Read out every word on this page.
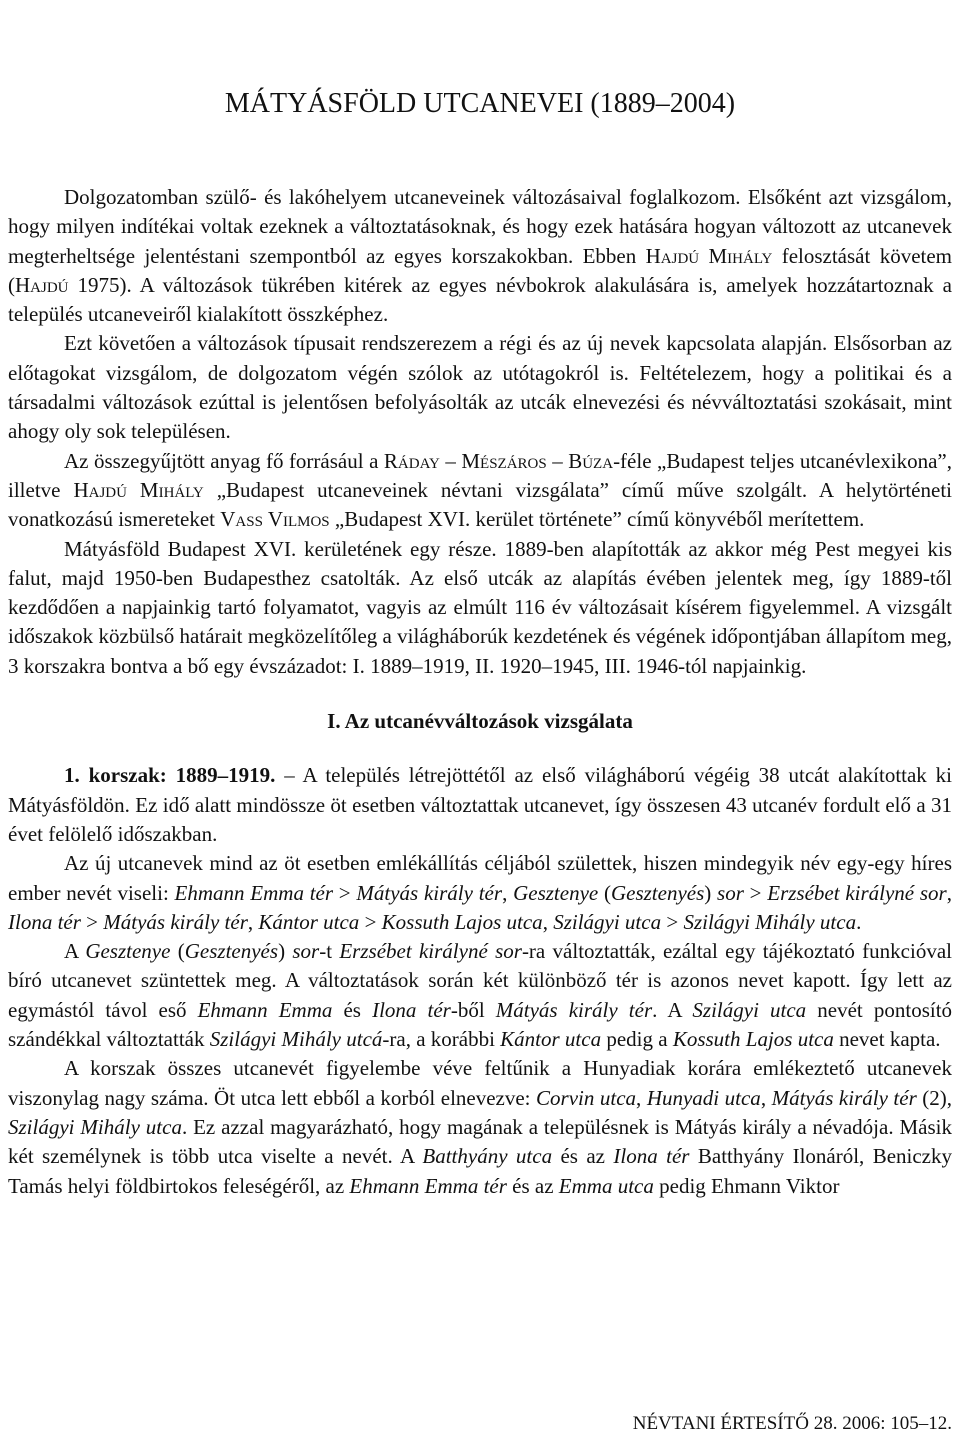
MÁTYÁSFÖLD UTCANEVEI (1889–2004)

Dolgozatomban szülő- és lakóhelyem utcaneveinek változásaival foglalkozom. Elsőként azt vizsgálom, hogy milyen indítékai voltak ezeknek a változtatásoknak, és hogy ezek hatására hogyan változott az utcanevek megterheltsége jelentéstani szempontból az egyes korszakokban. Ebben Hajdú Mihály felosztását követem (Hajdú 1975). A változások tükrében kitérek az egyes névbokrok alakulására is, amelyek hozzátartoznak a település utcaneveiről kialakított összképhez.

Ezt követően a változások típusait rendszerezem a régi és az új nevek kapcsolata alapján. Elsősorban az előtagokat vizsgálom, de dolgozatom végén szólok az utótagokról is. Feltételezem, hogy a politikai és a társadalmi változások ezúttal is jelentősen befolyásolták az utcák elnevezési és névváltoztatási szokásait, mint ahogy oly sok településen.

Az összegyűjtött anyag fő forrásául a Ráday – Mészáros – Búza-féle „Budapest teljes utcanévlexikona”, illetve Hajdú Mihály „Budapest utcaneveinek névtani vizsgálata” című műve szolgált. A helytörténeti vonatkozású ismereteket Vass Vilmos „Budapest XVI. kerület története” című könyvéből merítettem.

Mátyásföld Budapest XVI. kerületének egy része. 1889-ben alapították az akkor még Pest megyei kis falut, majd 1950-ben Budapesthez csatolták. Az első utcák az alapítás évében jelentek meg, így 1889-től kezdődően a napjainkig tartó folyamatot, vagyis az elmúlt 116 év változásait kísérem figyelemmel. A vizsgált időszakok közbülső határait megközelítőleg a világháborúk kezdetének és végének időpontjában állapítom meg, 3 korszakra bontva a bő egy évszázadot: I. 1889–1919, II. 1920–1945, III. 1946-tól napjainkig.

I. Az utcanévváltozások vizsgálata

1. korszak: 1889–1919. – A település létrejöttétől az első világháború végéig 38 utcát alakítottak ki Mátyásföldön. Ez idő alatt mindössze öt esetben változtattak utcanevet, így összesen 43 utcanév fordult elő a 31 évet felölelő időszakban.

Az új utcanevek mind az öt esetben emlékállítás céljából születtek, hiszen mindegyik név egy-egy híres ember nevét viseli: Ehmann Emma tér > Mátyás király tér, Gesztenye (Gesztenyés) sor > Erzsébet királyné sor, Ilona tér > Mátyás király tér, Kántor utca > Kossuth Lajos utca, Szilágyi utca > Szilágyi Mihály utca.

A Gesztenye (Gesztenyés) sor-t Erzsébet királyné sor-ra változtatták, ezáltal egy tájékoztató funkcióval bíró utcanevet szüntettek meg. A változtatások során két különböző tér is azonos nevet kapott. Így lett az egymástól távol eső Ehmann Emma és Ilona tér-ből Mátyás király tér. A Szilágyi utca nevét pontosító szándékkal változtatták Szilágyi Mihály utcá-ra, a korábbi Kántor utca pedig a Kossuth Lajos utca nevet kapta.

A korszak összes utcanevét figyelembe véve feltűnik a Hunyadiak korára emlékeztető utcanevek viszonylag nagy száma. Öt utca lett ebből a korból elnevezve: Corvin utca, Hunyadi utca, Mátyás király tér (2), Szilágyi Mihály utca. Ez azzal magyarázható, hogy magának a településnek is Mátyás király a névadója. Másik két személynek is több utca viselte a nevét. A Batthyány utca és az Ilona tér Batthyány Ilonáról, Beniczky Tamás helyi földbirtokos feleségéről, az Ehmann Emma tér és az Emma utca pedig Ehmann Viktor

NÉVTANI ÉRTESÍTŐ 28. 2006: 105–12.
